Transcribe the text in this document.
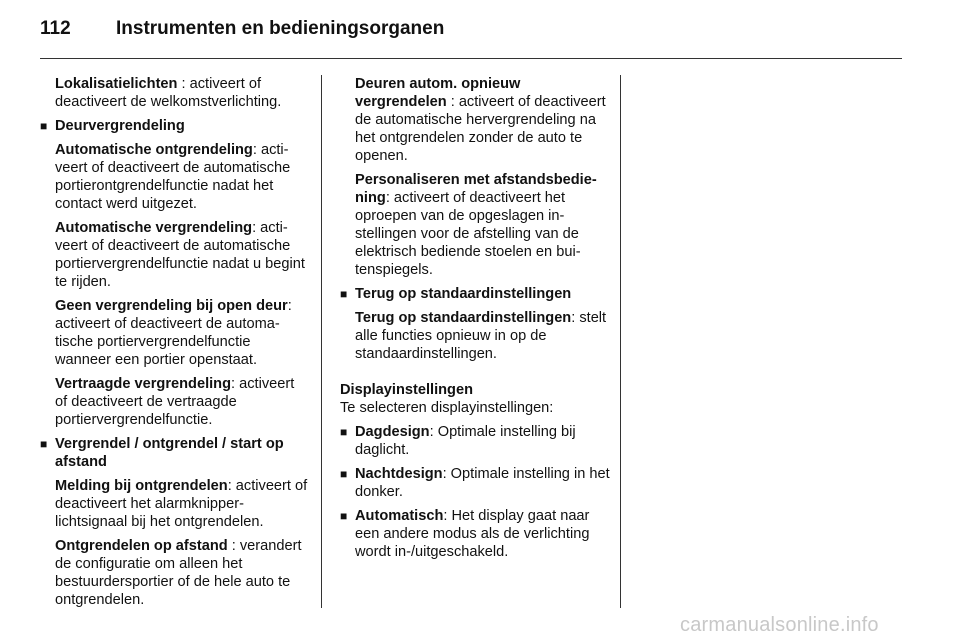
112 Instrumenten en bedieningsorganen

Lokalisatielichten : activeert of deactiveert de welkomstverlichting.

■ Deurvergrendeling

Automatische ontgrendeling: activeert of deactiveert de automatische portierontgrendelfunctie nadat het contact werd uitgezet.

Automatische vergrendeling: activeert of deactiveert de automatische portiervergrendelfunctie nadat u begint te rijden.

Geen vergrendeling bij open deur: activeert of deactiveert de automatische portiervergrendelfunctie wanneer een portier openstaat.

Vertraagde vergrendeling: activeert of deactiveert de vertraagde portiervergrendelfunctie.

■ Vergrendel / ontgrendel / start op afstand

Melding bij ontgrendelen: activeert of deactiveert het alarmknipperlichtsignaal bij het ontgrendelen.

Ontgrendelen op afstand : verandert de configuratie om alleen het bestuurdersportier of de hele auto te ontgrendelen.

Deuren autom. opnieuw vergrendelen : activeert of deactiveert de automatische hervergrendeling na het ontgrendelen zonder de auto te openen.

Personaliseren met afstandsbediening: activeert of deactiveert het oproepen van de opgeslagen instellingen voor de afstelling van de elektrisch bediende stoelen en buitenspiegels.

■ Terug op standaardinstellingen

Terug op standaardinstellingen: stelt alle functies opnieuw in op de standaardinstellingen.

Displayinstellingen

Te selecteren displayinstellingen:

■ Dagdesign: Optimale instelling bij daglicht.

■ Nachtdesign: Optimale instelling in het donker.

■ Automatisch: Het display gaat naar een andere modus als de verlichting wordt in-/uitgeschakeld.

carmanualsonline.info
